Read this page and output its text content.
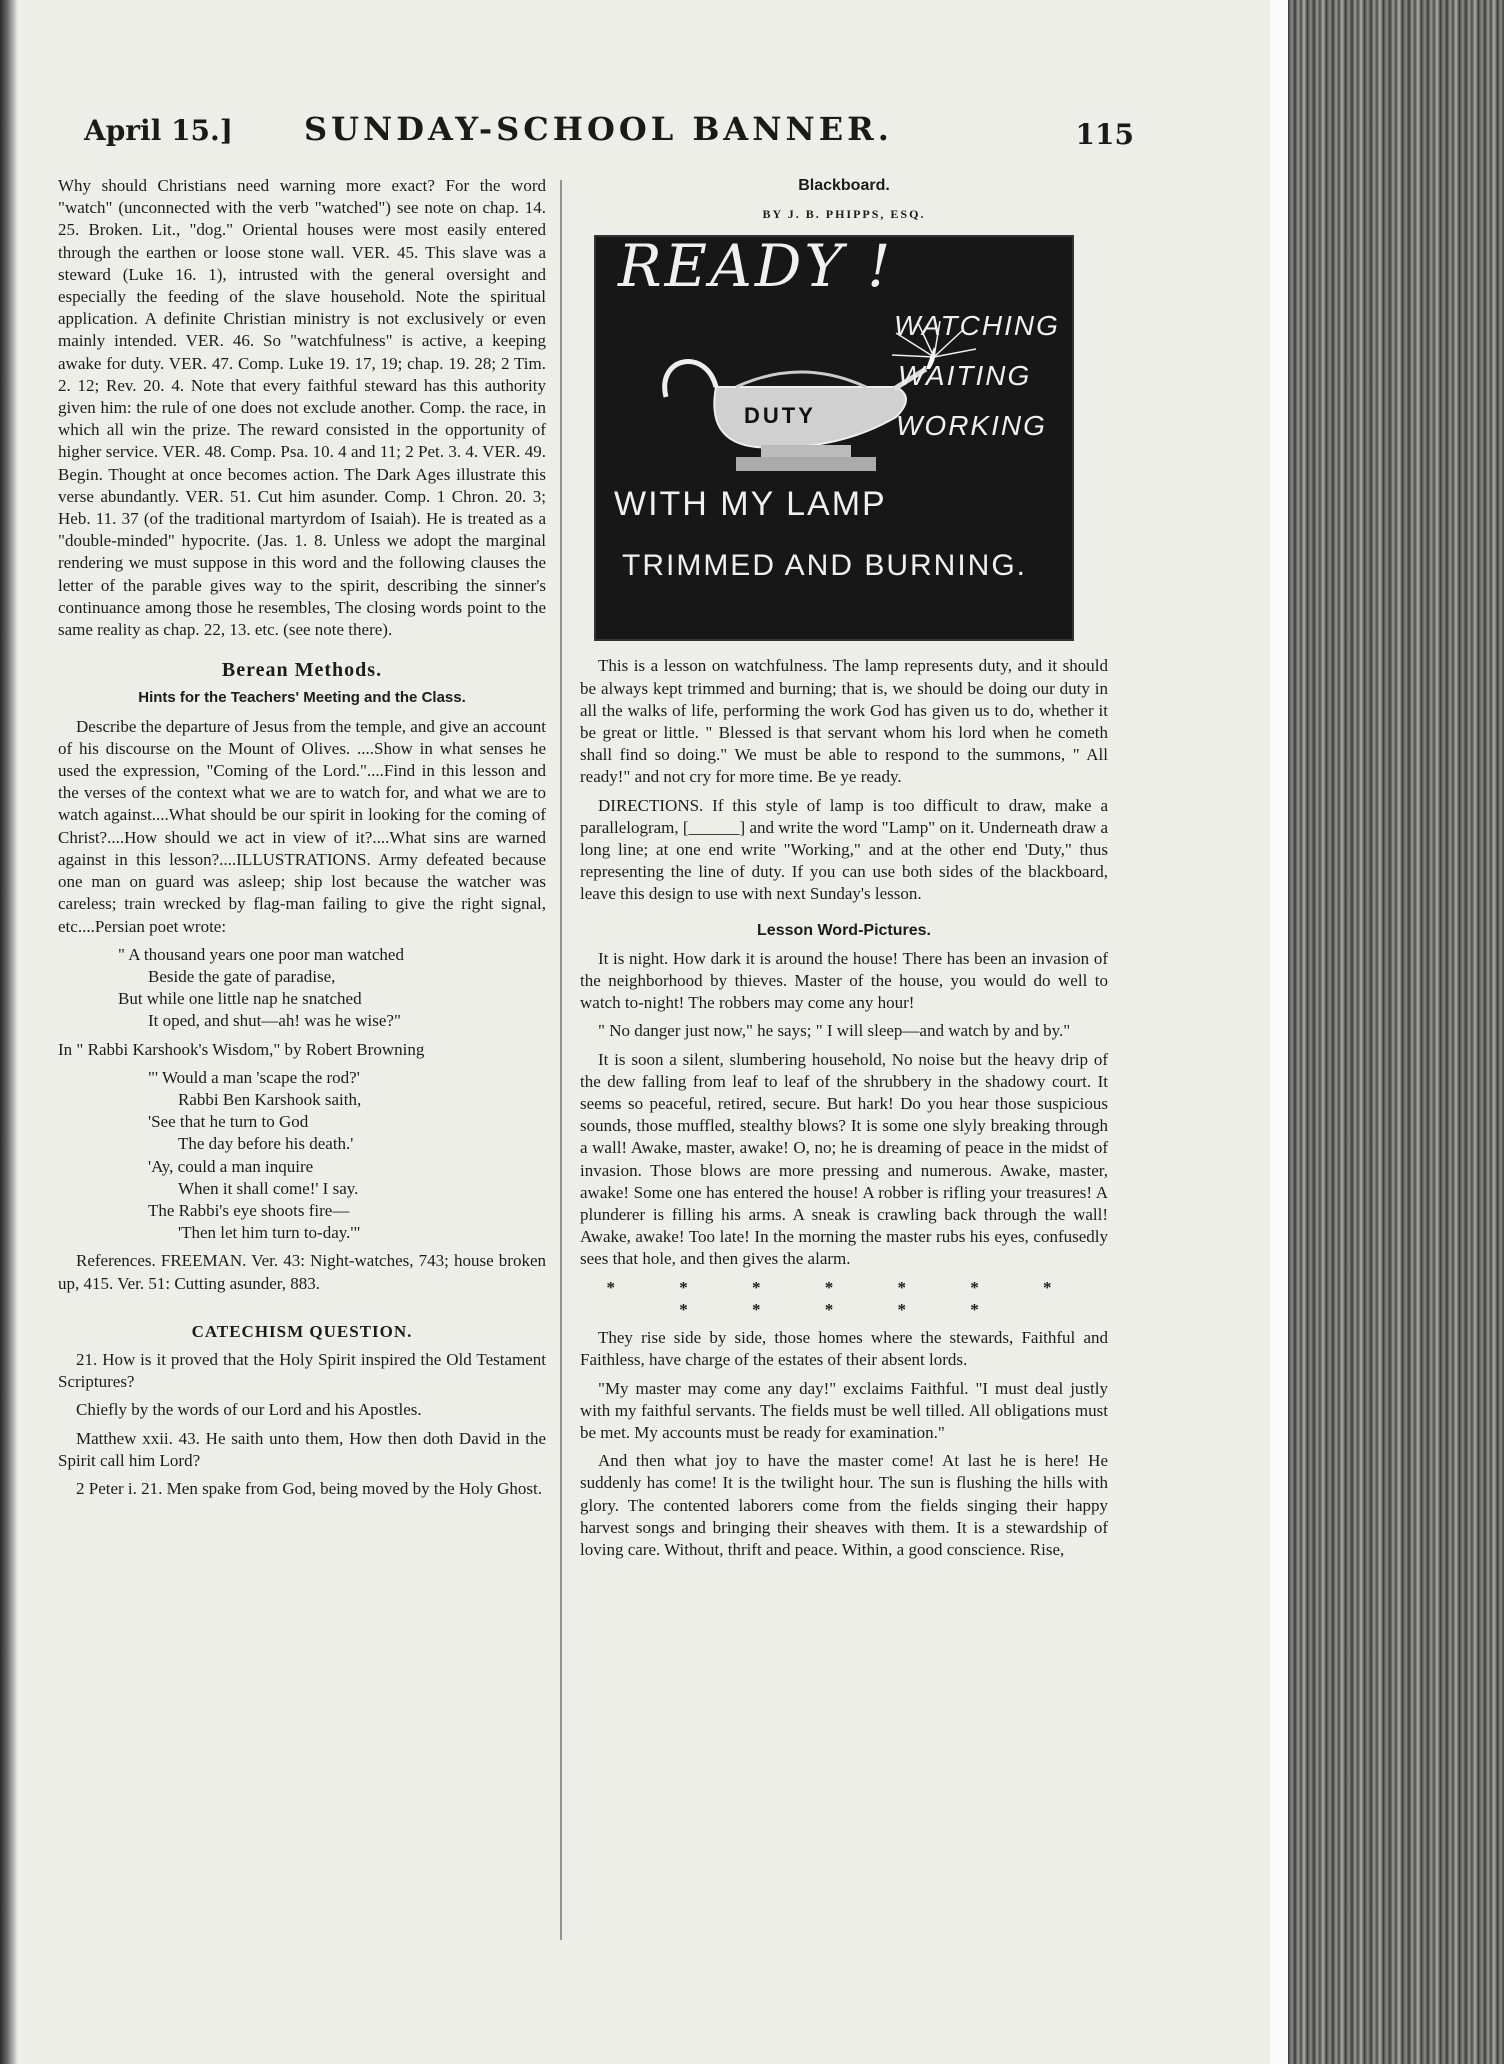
April 15.] SUNDAY-SCHOOL BANNER.	115

Why should Christians need warning more exact? For the word "watch" (unconnected with the verb "watched") see note on chap. 14. 25. Broken. Lit., "dog." Oriental houses were most easily entered through the earthen or loose stone wall. VER. 45. This slave was a steward (Luke 16. 1), intrusted with the general oversight and especially the feeding of the slave household. Note the spiritual application. A definite Christian ministry is not exclusively or even mainly intended. VER. 46. So "watchfulness" is active, a keeping awake for duty. VER. 47. Comp. Luke 19. 17, 19; chap. 19. 28; 2 Tim. 2. 12; Rev. 20. 4. Note that every faithful steward has this authority given him: the rule of one does not exclude another. Comp. the race, in which all win the prize. The reward consisted in the opportunity of higher service. VER. 48. Comp. Psa. 10. 4 and 11; 2 Pet. 3. 4. VER. 49. Begin. Thought at once becomes action. The Dark Ages illustrate this verse abundantly. VER. 51. Cut him asunder. Comp. 1 Chron. 20. 3; Heb. 11. 37 (of the traditional martyrdom of Isaiah). He is treated as a "double-minded" hypocrite. (Jas. 1. 8. Unless we adopt the marginal rendering we must suppose in this word and the following clauses the letter of the parable gives way to the spirit, describing the sinner's continuance among those he resembles, The closing words point to the same reality as chap. 22, 13. etc. (see note there).

Berean Methods.
Hints for the Teachers' Meeting and the Class.

Describe the departure of Jesus from the temple, and give an account of his discourse on the Mount of Olives. ....Show in what senses he used the expression, "Coming of the Lord."....Find in this lesson and the verses of the context what we are to watch for, and what we are to watch against....What should be our spirit in looking for the coming of Christ?....How should we act in view of it?....What sins are warned against in this lesson?....ILLUSTRATIONS. Army defeated because one man on guard was asleep; ship lost because the watcher was careless; train wrecked by flag-man failing to give the right signal, etc....Persian poet wrote:

" A thousand years one poor man watched
Beside the gate of paradise,
But while one little nap he snatched
It oped, and shut—ah! was he wise?"

In " Rabbi Karshook's Wisdom," by Robert Browning

"' Would a man 'scape the rod?'
Rabbi Ben Karshook saith,
'See that he turn to God
The day before his death.'
'Ay, could a man inquire
When it shall come!' I say.
The Rabbi's eye shoots fire—
'Then let him turn to-day.'"

References. FREEMAN. Ver. 43: Night-watches, 743; house broken up, 415. Ver. 51: Cutting asunder, 883.

CATECHISM QUESTION.

21. How is it proved that the Holy Spirit inspired the Old Testament Scriptures?

Chiefly by the words of our Lord and his Apostles.

Matthew xxii. 43. He saith unto them, How then doth David in the Spirit call him Lord?

2 Peter i. 21. Men spake from God, being moved by the Holy Ghost.

Blackboard.
BY J. B. PHIPPS, ESQ.
READY !
WATCHING
WAITING
WORKING
DUTY
WITH MY LAMP
TRIMMED AND BURNING.

This is a lesson on watchfulness. The lamp represents duty, and it should be always kept trimmed and burning; that is, we should be doing our duty in all the walks of life, performing the work God has given us to do, whether it be great or little. " Blessed is that servant whom his lord when he cometh shall find so doing." We must be able to respond to the summons, " All ready!" and not cry for more time. Be ye ready.

DIRECTIONS. If this style of lamp is too difficult to draw, make a parallelogram, [______] and write the word "Lamp" on it. Underneath draw a long line; at one end write "Working," and at the other end 'Duty," thus representing the line of duty. If you can use both sides of the blackboard, leave this design to use with next Sunday's lesson.

Lesson Word-Pictures.

It is night. How dark it is around the house! There has been an invasion of the neighborhood by thieves. Master of the house, you would do well to watch to-night! The robbers may come any hour!

" No danger just now," he says; " I will sleep—and watch by and by."

It is soon a silent, slumbering household, No noise but the heavy drip of the dew falling from leaf to leaf of the shrubbery in the shadowy court. It seems so peaceful, retired, secure. But hark! Do you hear those suspicious sounds, those muffled, stealthy blows? It is some one slyly breaking through a wall! Awake, master, awake! O, no; he is dreaming of peace in the midst of invasion. Those blows are more pressing and numerous. Awake, master, awake! Some one has entered the house! A robber is rifling your treasures! A plunderer is filling his arms. A sneak is crawling back through the wall! Awake, awake! Too late! In the morning the master rubs his eyes, confusedly sees that hole, and then gives the alarm.

* * * * * * * * * * * *

They rise side by side, those homes where the stewards, Faithful and Faithless, have charge of the estates of their absent lords.

"My master may come any day!" exclaims Faithful. "I must deal justly with my faithful servants. The fields must be well tilled. All obligations must be met. My accounts must be ready for examination."

And then what joy to have the master come! At last he is here! He suddenly has come! It is the twilight hour. The sun is flushing the hills with glory. The contented laborers come from the fields singing their happy harvest songs and bringing their sheaves with them. It is a stewardship of loving care. Without, thrift and peace. Within, a good conscience. Rise,
